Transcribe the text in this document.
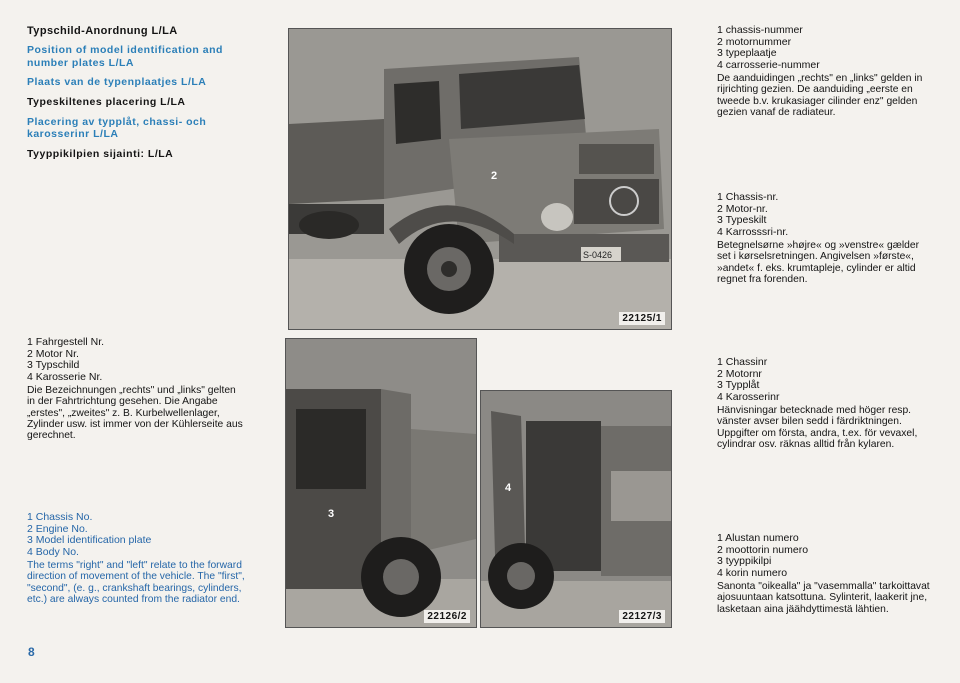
Typschild-Anordnung L/LA
Position of model identification and number plates L/LA
Plaats van de typenplaatjes L/LA
Typeskiltenes placering L/LA
Placering av typplåt, chassi- och karosserinr L/LA
Tyyppikilpien sijainti: L/LA
S-0426
2
22125/1
1 chassis-nummer
2 motornummer
3 typeplaatje
4 carrosserie-nummer
De aanduidingen „rechts" en „links" gelden in rijrichting gezien. De aanduiding „eerste en tweede b.v. krukasiager cilinder enz" gelden gezien vanaf de radiateur.
1 Chassis-nr.
2 Motor-nr.
3 Typeskilt
4 Karrosssri-nr.
Betegnelsørne »højre« og »venstre« gælder set i kørselsretningen. Angivelsen »første«, »andet« f. eks. krumtapleje, cylinder er altid regnet fra forenden.
1 Fahrgestell Nr.
2 Motor Nr.
3 Typschild
4 Karosserie Nr.
Die Bezeichnungen „rechts" und „links" gelten in der Fahrtrichtung gesehen. Die Angabe „erstes", „zweites" z. B. Kurbelwellenlager, Zylinder usw. ist immer von der Kühlerseite aus gerechnet.
3
22126/2
4
22127/3
1 Chassinr
2 Motornr
3 Typplåt
4 Karosserinr
Hänvisningar betecknade med höger resp. vänster avser bilen sedd i färdriktningen. Uppgifter om första, andra, t.ex. för vevaxel, cylindrar osv. räknas alltid från kylaren.
1 Chassis No.
2 Engine No.
3 Model identification plate
4 Body No.
The terms "right" and "left" relate to the forward direction of movement of the vehicle. The "first", "second", (e. g., crankshaft bearings, cylinders, etc.) are always counted from the radiator end.
1 Alustan numero
2 moottorin numero
3 tyyppikilpi
4 korin numero
Sanonta "oikealla" ja "vasemmalla" tarkoittavat ajosuuntaan katsottuna. Sylinterit, laakerit jne, lasketaan aina jäähdyttimestä lähtien.
8
